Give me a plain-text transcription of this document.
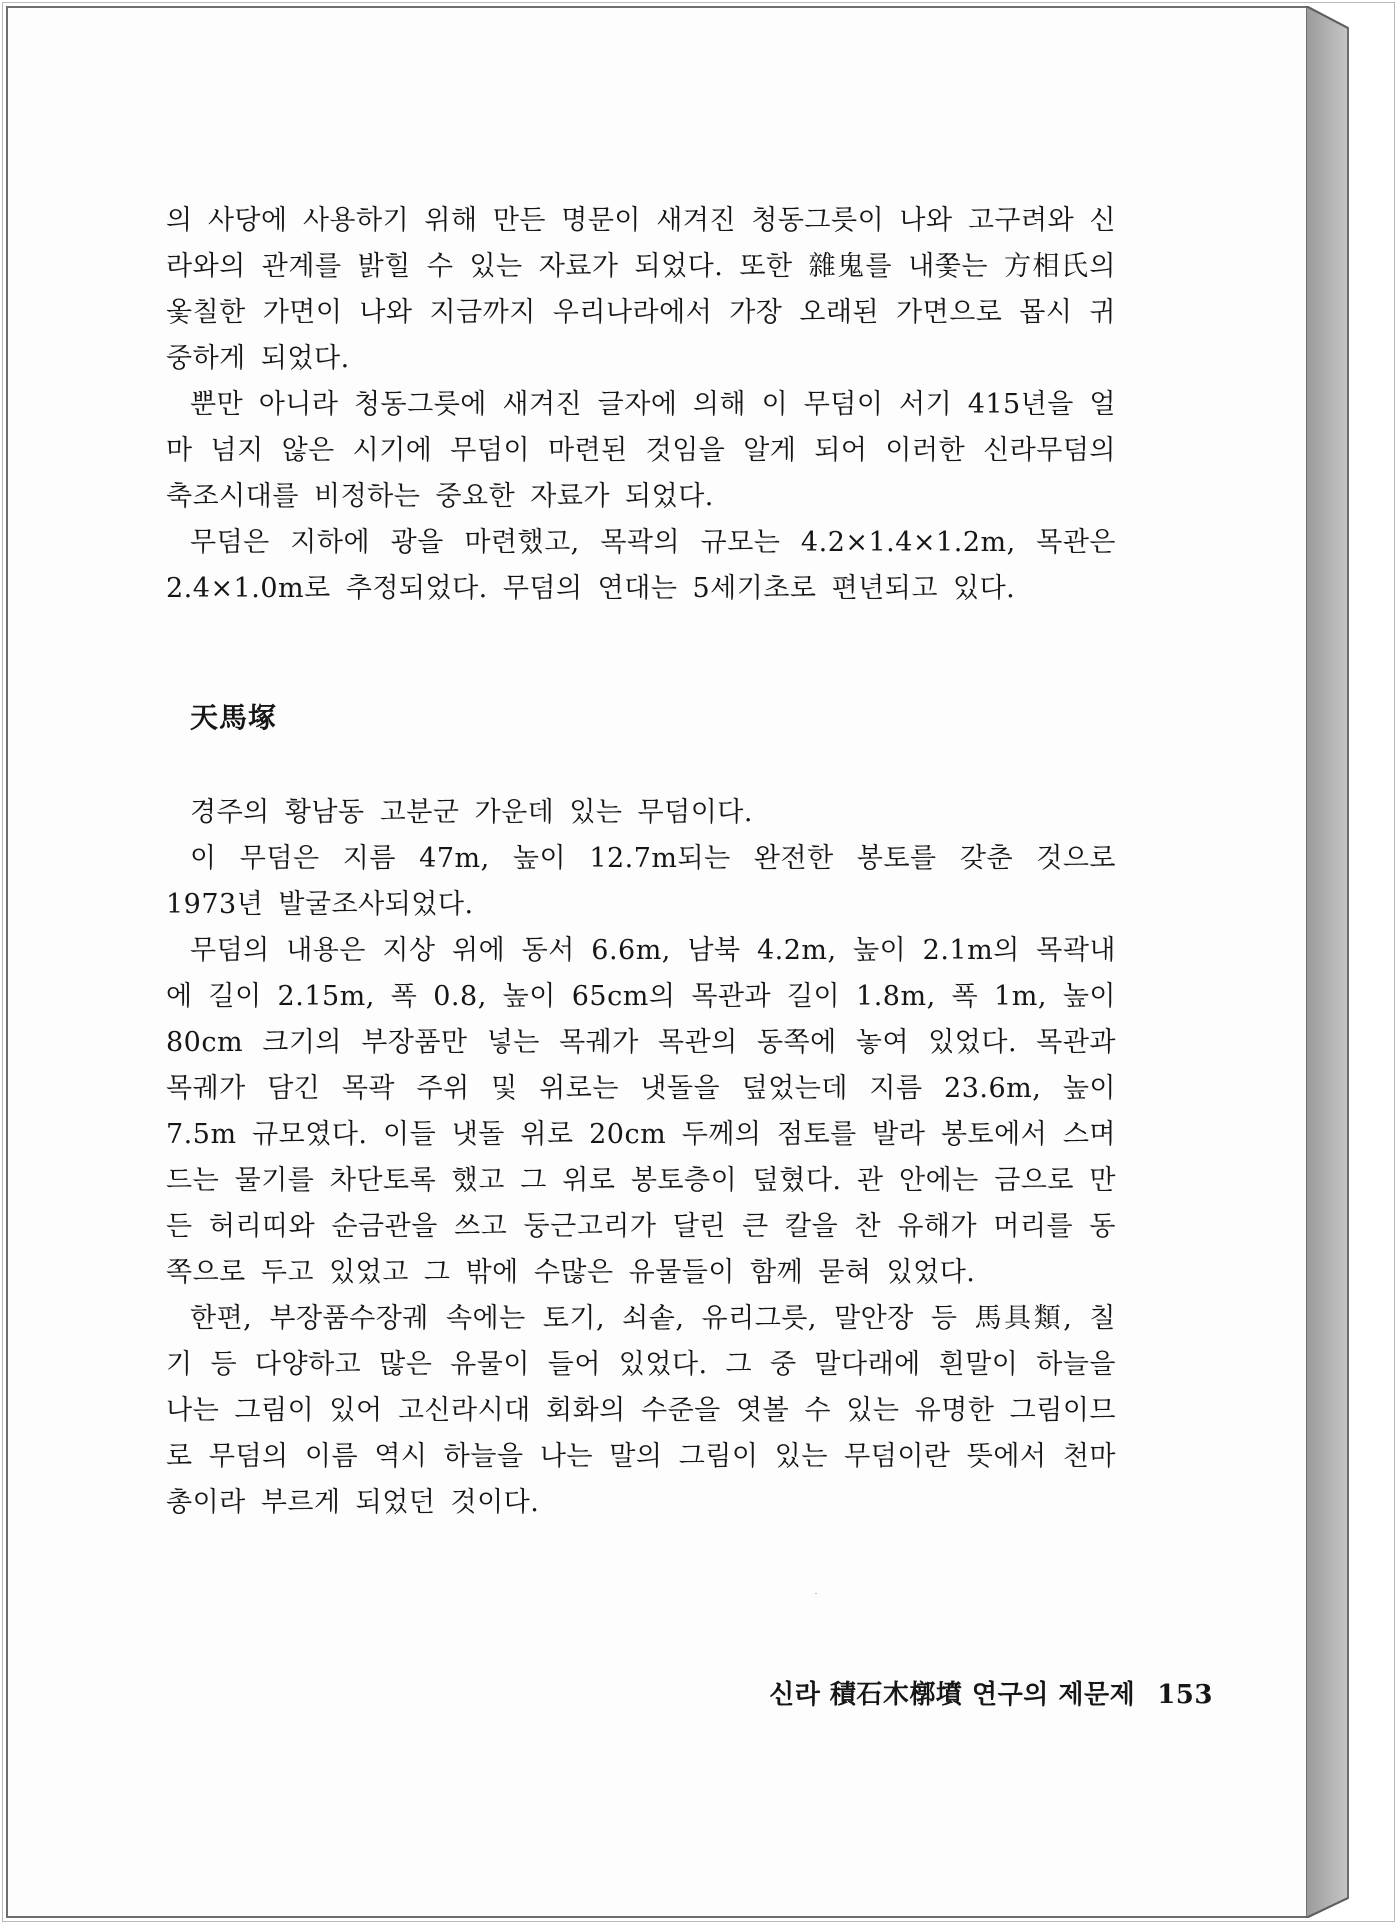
의 사당에 사용하기 위해 만든 명문이 새겨진 청동그릇이 나와 고구려와 신라와의 관계를 밝힐 수 있는 자료가 되었다. 또한 雜鬼를 내쫓는 方相氏의 옻칠한 가면이 나와 지금까지 우리나라에서 가장 오래된 가면으로 몹시 귀중하게 되었다.

뿐만 아니라 청동그릇에 새겨진 글자에 의해 이 무덤이 서기 415년을 얼마 넘지 않은 시기에 무덤이 마련된 것임을 알게 되어 이러한 신라무덤의 축조시대를 비정하는 중요한 자료가 되었다.

무덤은 지하에 광을 마련했고, 목곽의 규모는 4.2×1.4×1.2m, 목관은 2.4×1.0m로 추정되었다. 무덤의 연대는 5세기초로 편년되고 있다.

天馬塚

경주의 황남동 고분군 가운데 있는 무덤이다.

이 무덤은 지름 47m, 높이 12.7m되는 완전한 봉토를 갖춘 것으로 1973년 발굴조사되었다.

무덤의 내용은 지상 위에 동서 6.6m, 남북 4.2m, 높이 2.1m의 목곽내에 길이 2.15m, 폭 0.8, 높이 65cm의 목관과 길이 1.8m, 폭 1m, 높이 80cm 크기의 부장품만 넣는 목궤가 목관의 동쪽에 놓여 있었다. 목관과 목궤가 담긴 목곽 주위 및 위로는 냇돌을 덮었는데 지름 23.6m, 높이 7.5m 규모였다. 이들 냇돌 위로 20cm 두께의 점토를 발라 봉토에서 스며드는 물기를 차단토록 했고 그 위로 봉토층이 덮혔다. 관 안에는 금으로 만든 허리띠와 순금관을 쓰고 둥근고리가 달린 큰 칼을 찬 유해가 머리를 동쪽으로 두고 있었고 그 밖에 수많은 유물들이 함께 묻혀 있었다.

한편, 부장품수장궤 속에는 토기, 쇠솥, 유리그릇, 말안장 등 馬具類, 칠기 등 다양하고 많은 유물이 들어 있었다. 그 중 말다래에 흰말이 하늘을 나는 그림이 있어 고신라시대 회화의 수준을 엿볼 수 있는 유명한 그림이므로 무덤의 이름 역시 하늘을 나는 말의 그림이 있는 무덤이란 뜻에서 천마총이라 부르게 되었던 것이다.

신라 積石木槨墳 연구의 제문제 153
